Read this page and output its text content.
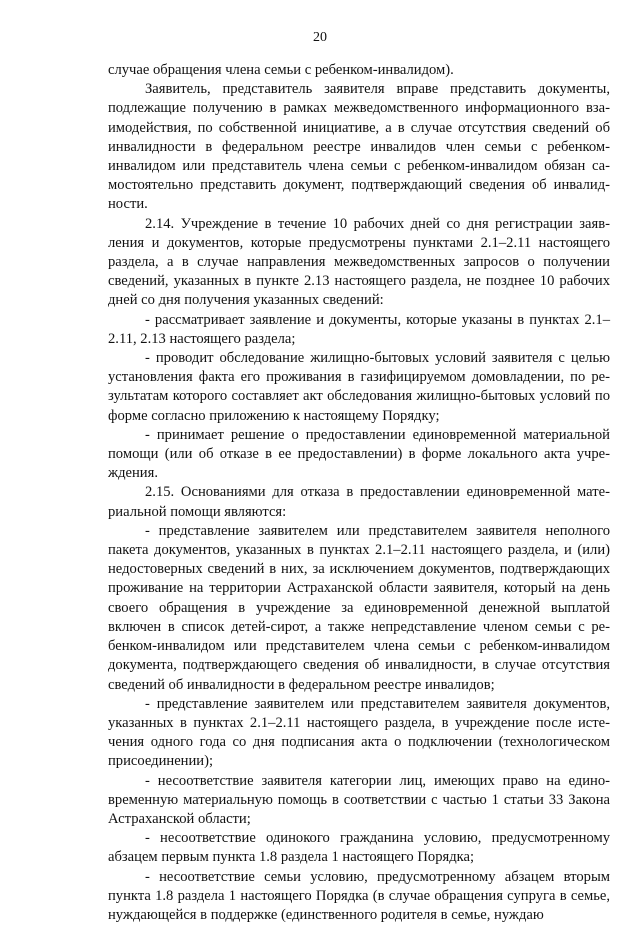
20

случае обращения члена семьи с ребенком-инвалидом).

Заявитель, представитель заявителя вправе представить документы, подлежащие получению в рамках межведомственного информационного взаимодействия, по собственной инициативе, а в случае отсутствия сведений об инвалидности в федеральном реестре инвалидов член семьи с ребенком-инвалидом или представитель члена семьи с ребенком-инвалидом обязан самостоятельно представить документ, подтверждающий сведения об инвалидности.

2.14. Учреждение в течение 10 рабочих дней со дня регистрации заявления и документов, которые предусмотрены пунктами 2.1–2.11 настоящего раздела, а в случае направления межведомственных запросов о получении сведений, указанных в пункте 2.13 настоящего раздела, не позднее 10 рабочих дней со дня получения указанных сведений:

- рассматривает заявление и документы, которые указаны в пунктах 2.1–2.11, 2.13 настоящего раздела;

- проводит обследование жилищно-бытовых условий заявителя с целью установления факта его проживания в газифицируемом домовладении, по результатам которого составляет акт обследования жилищно-бытовых условий по форме согласно приложению к настоящему Порядку;

- принимает решение о предоставлении единовременной материальной помощи (или об отказе в ее предоставлении) в форме локального акта учреждения.

2.15. Основаниями для отказа в предоставлении единовременной материальной помощи являются:

- представление заявителем или представителем заявителя неполного пакета документов, указанных в пунктах 2.1–2.11 настоящего раздела, и (или) недостоверных сведений в них, за исключением документов, подтверждающих проживание на территории Астраханской области заявителя, который на день своего обращения в учреждение за единовременной денежной выплатой включен в список детей-сирот, а также непредставление членом семьи с ребенком-инвалидом или представителем члена семьи с ребенком-инвалидом документа, подтверждающего сведения об инвалидности, в случае отсутствия сведений об инвалидности в федеральном реестре инвалидов;

- представление заявителем или представителем заявителя документов, указанных в пунктах 2.1–2.11 настоящего раздела, в учреждение после истечения одного года со дня подписания акта о подключении (технологическом присоединении);

- несоответствие заявителя категории лиц, имеющих право на единовременную материальную помощь в соответствии с частью 1 статьи 33 Закона Астраханской области;

- несоответствие одинокого гражданина условию, предусмотренному абзацем первым пункта 1.8 раздела 1 настоящего Порядка;

- несоответствие семьи условию, предусмотренному абзацем вторым пункта 1.8 раздела 1 настоящего Порядка (в случае обращения супруга в семье, нуждающейся в поддержке (единственного родителя в семье, нуждаю
